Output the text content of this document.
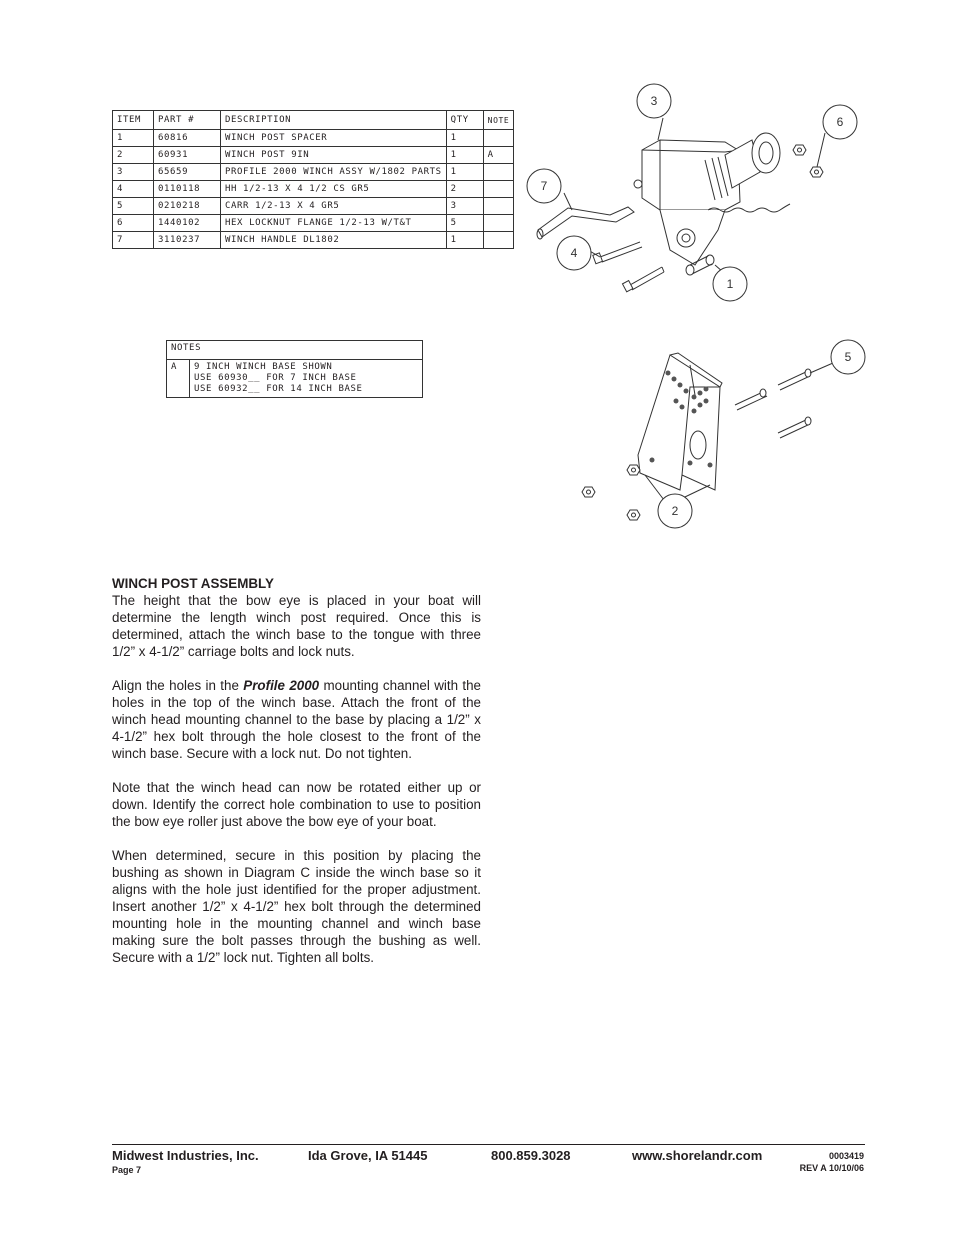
ITEM	PART #	DESCRIPTION	QTY	NOTE
1	60816	WINCH POST SPACER	1	
2	60931	WINCH POST 9IN	1	A
3	65659	PROFILE 2000 WINCH ASSY W/1802 PARTS	1	
4	0110118	HH 1/2-13 X 4 1/2 CS GR5	2	
5	0210218	CARR 1/2-13 X 4 GR5	3	
6	1440102	HEX LOCKNUT FLANGE 1/2-13 W/T&T	5	
7	3110237	WINCH HANDLE DL1802	1	
NOTES
A	9 INCH WINCH BASE SHOWN
USE 60930__ FOR 7 INCH BASE
USE 60932__ FOR 14 INCH BASE
3
6
7
4
1
5
2
WINCH POST ASSEMBLY

The height that the bow eye is placed in your boat will determine the length winch post required. Once this is determined, attach the winch base to the tongue with three 1/2” x 4-1/2” carriage bolts and lock nuts.

Align the holes in the Profile 2000 mounting channel with the holes in the top of the winch base. Attach the front of the winch head mounting channel to the base by placing a 1/2” x 4-1/2” hex bolt through the hole closest to the front of the winch base. Secure with a lock nut. Do not tighten.

Note that the winch head can now be rotated either up or down. Identify the correct hole combination to use to position the bow eye roller just above the bow eye of your boat.

When determined, secure in this position by placing the bushing as shown in Diagram C inside the winch base so it aligns with the hole just identified for the proper adjustment. Insert another 1/2” x 4-1/2” hex bolt through the determined mounting hole in the mounting channel and winch base making sure the bolt passes through the bushing as well. Secure with a 1/2” lock nut. Tighten all bolts.

Midwest Industries, Inc.	Ida Grove, IA 51445	800.859.3028	www.shorelandr.com
Page 7
0003419
REV A 10/10/06
